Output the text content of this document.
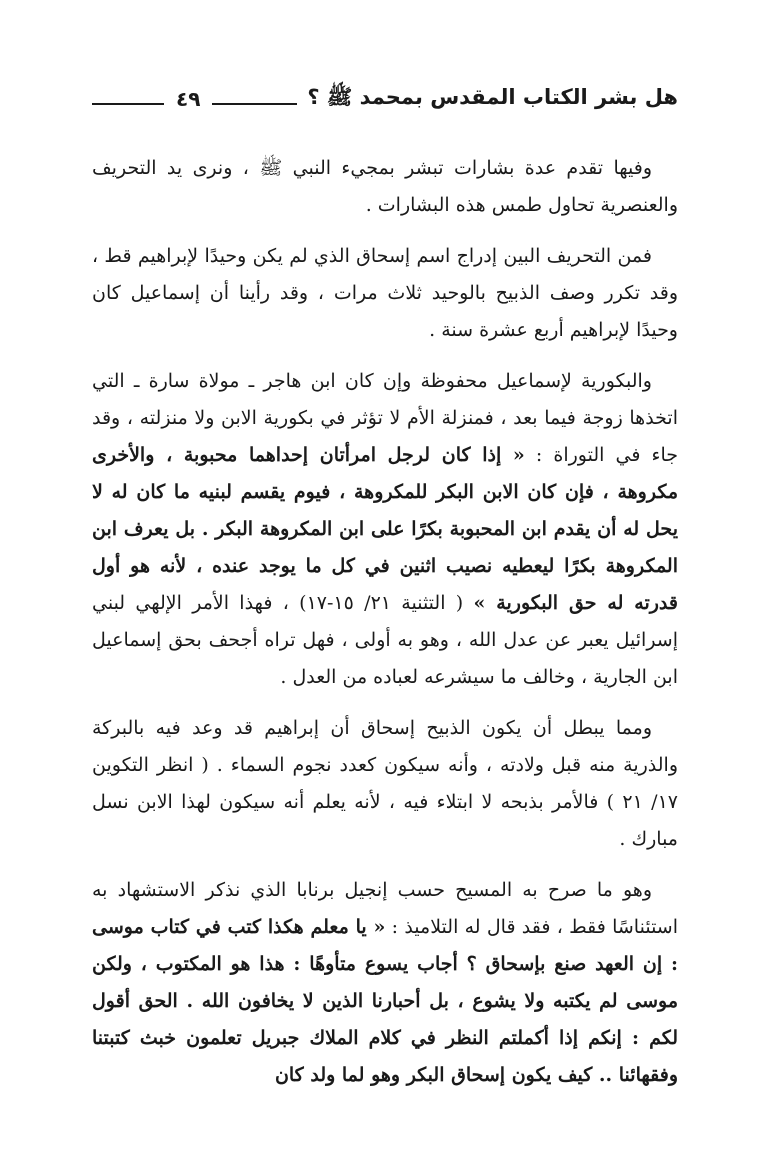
هل بشر الكتاب المقدس بمحمد ﷺ ؟
٤٩

وفيها تقدم عدة بشارات تبشر بمجيء النبي ﷺ ، ونرى يد التحريف والعنصرية تحاول طمس هذه البشارات .

فمن التحريف البين إدراج اسم إسحاق الذي لم يكن وحيدًا لإبراهيم قط ، وقد تكرر وصف الذبيح بالوحيد ثلاث مرات ، وقد رأينا أن إسماعيل كان وحيدًا لإبراهيم أربع عشرة سنة .

والبكورية لإسماعيل محفوظة وإن كان ابن هاجر ـ مولاة سارة ـ التي اتخذها زوجة فيما بعد ، فمنزلة الأم لا تؤثر في بكورية الابن ولا منزلته ، وقد جاء في التوراة : « إذا كان لرجل امرأتان إحداهما محبوبة ، والأخرى مكروهة ، فإن كان الابن البكر للمكروهة ، فيوم يقسم لبنيه ما كان له لا يحل له أن يقدم ابن المحبوبة بكرًا على ابن المكروهة البكر . بل يعرف ابن المكروهة بكرًا ليعطيه نصيب اثنين في كل ما يوجد عنده ، لأنه هو أول قدرته له حق البكورية » ( التثنية ٢١/ ١٥-١٧) ، فهذا الأمر الإلهي لبني إسرائيل يعبر عن عدل الله ، وهو به أولى ، فهل تراه أجحف بحق إسماعيل ابن الجارية ، وخالف ما سيشرعه لعباده من العدل .

ومما يبطل أن يكون الذبيح إسحاق أن إبراهيم قد وعد فيه بالبركة والذرية منه قبل ولادته ، وأنه سيكون كعدد نجوم السماء . ( انظر التكوين ١٧/ ٢١ ) فالأمر بذبحه لا ابتلاء فيه ، لأنه يعلم أنه سيكون لهذا الابن نسل مبارك .

وهو ما صرح به المسيح حسب إنجيل برنابا الذي نذكر الاستشهاد به استئناسًا فقط ، فقد قال له التلاميذ : « يا معلم هكذا كتب في كتاب موسى : إن العهد صنع بإسحاق ؟ أجاب يسوع متأوهًا : هذا هو المكتوب ، ولكن موسى لم يكتبه ولا يشوع ، بل أحبارنا الذين لا يخافون الله . الحق أقول لكم : إنكم إذا أكملتم النظر في كلام الملاك جبريل تعلمون خبث كتبتنا وفقهائنا .. كيف يكون إسحاق البكر وهو لما ولد كان
